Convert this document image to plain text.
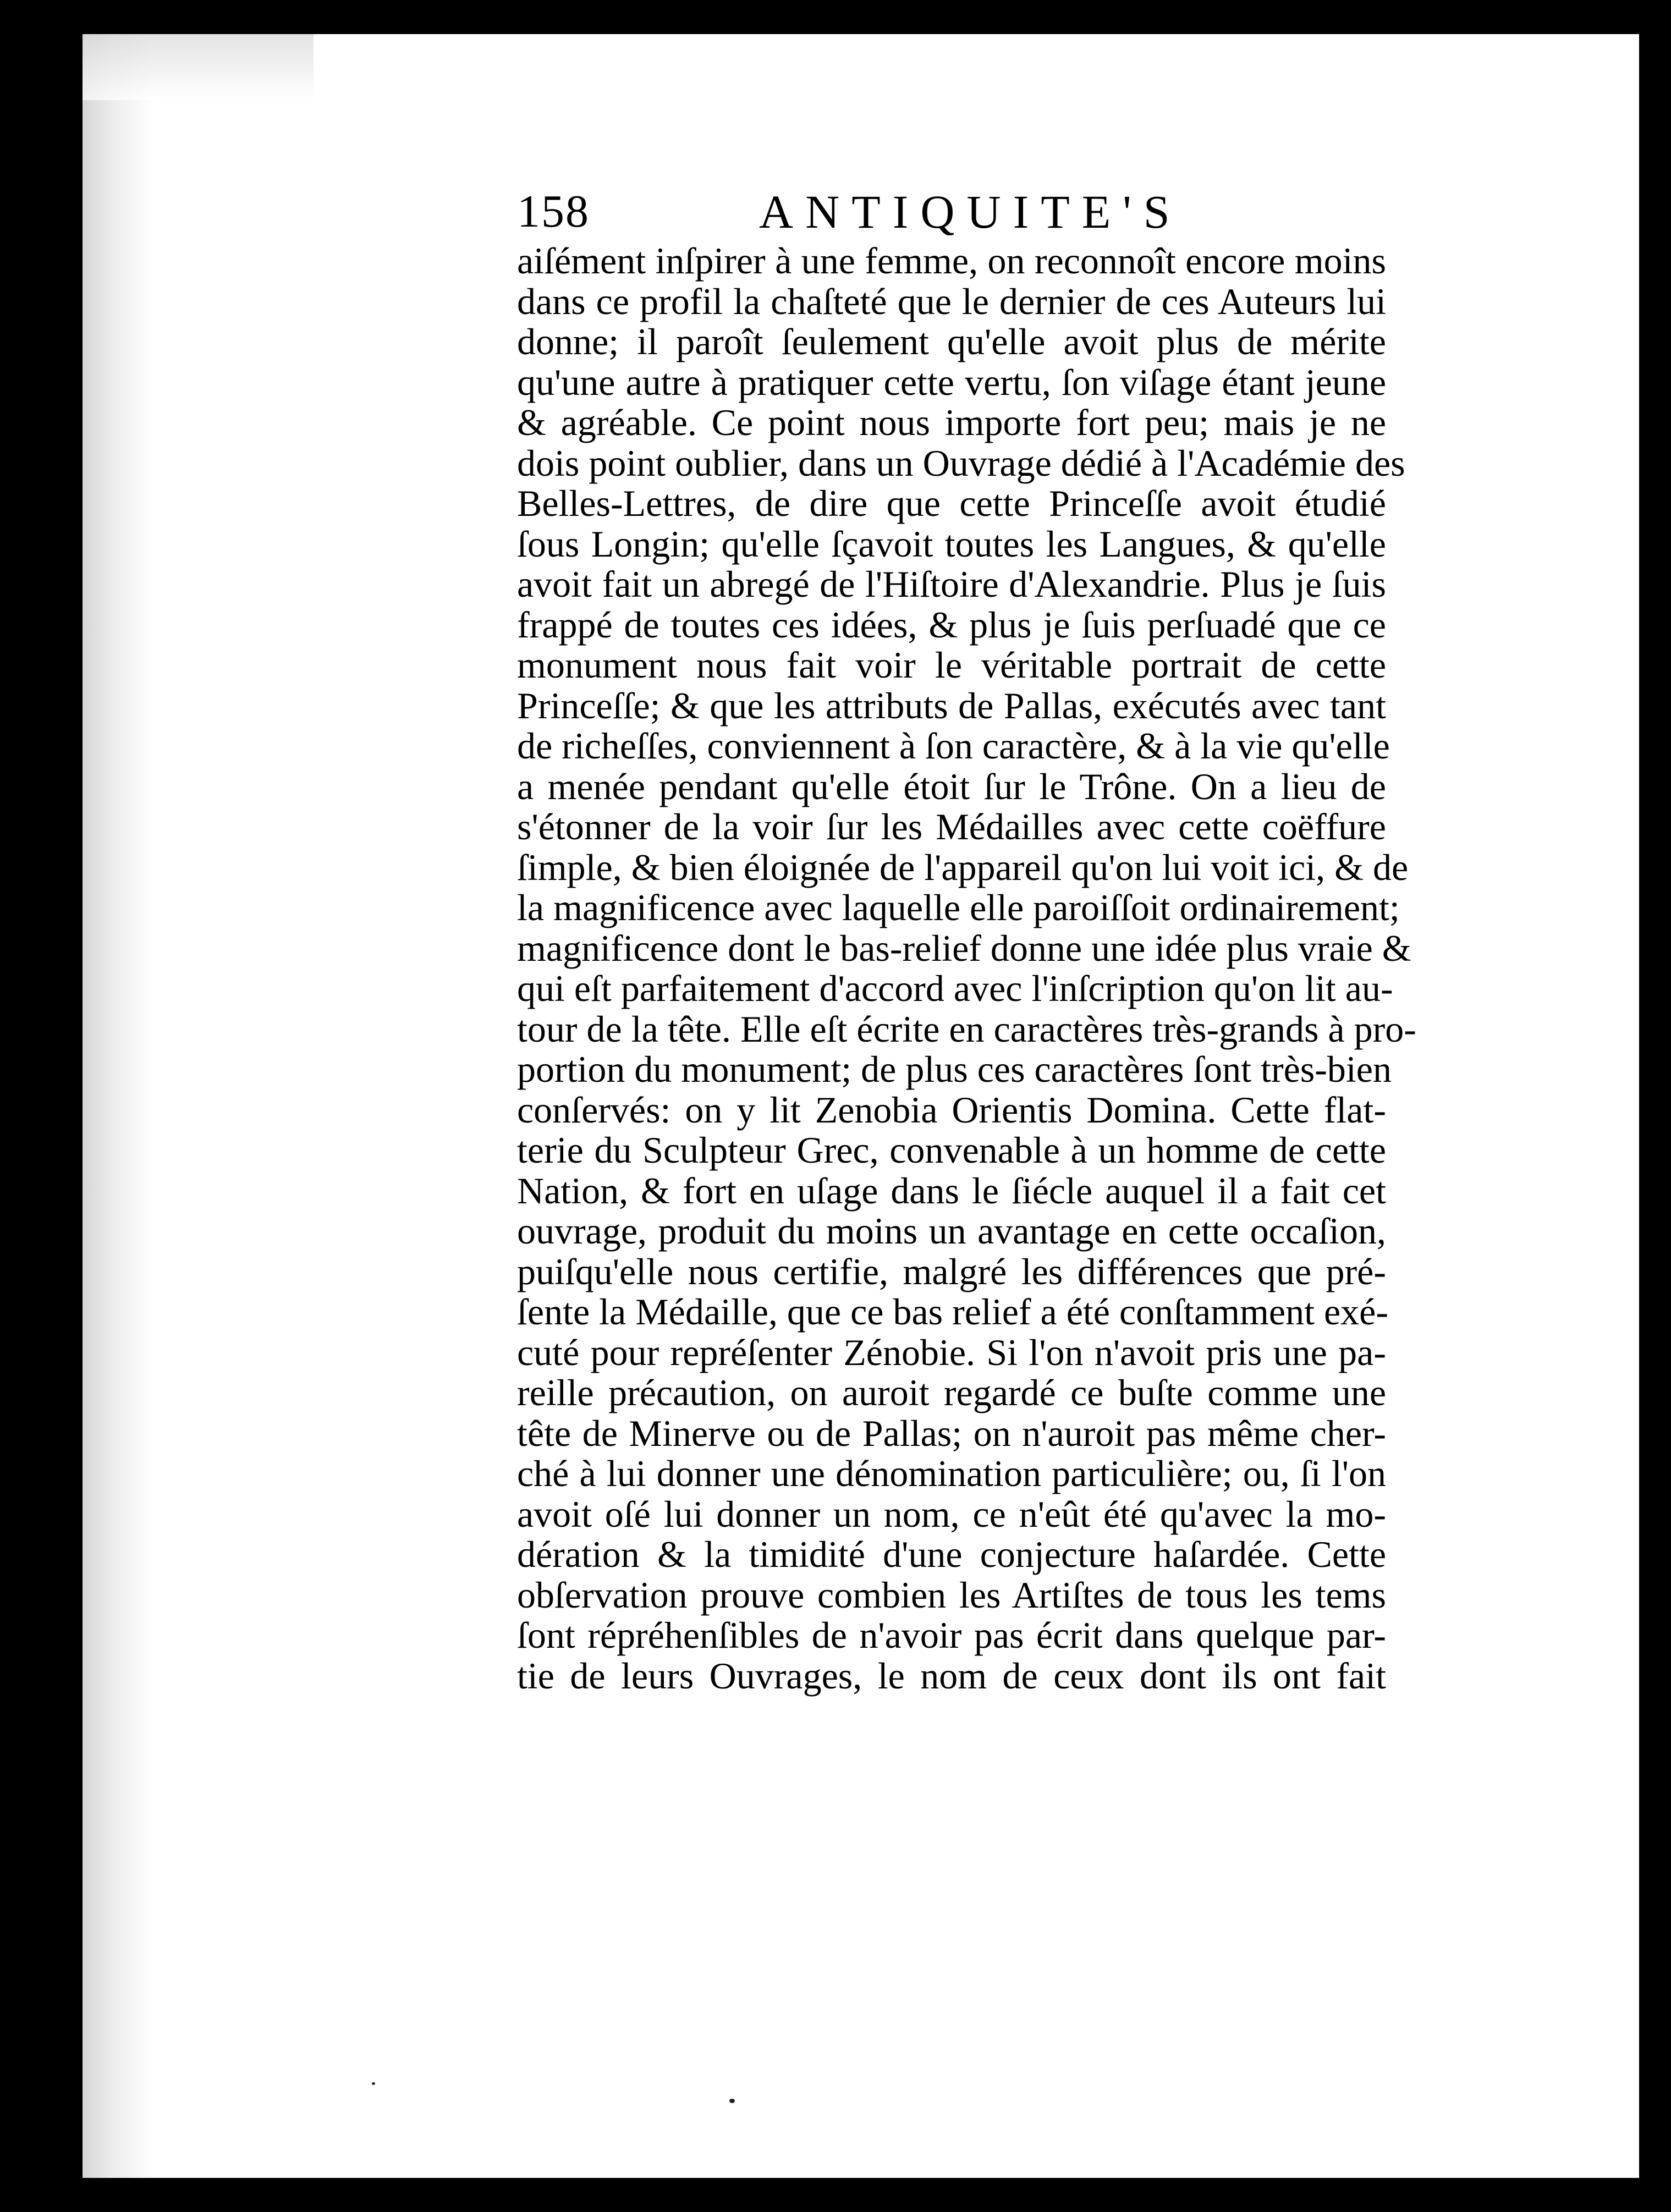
158	ANTIQUITE'S
aiſément inſpirer à une femme, on reconnoît encore moins
dans ce profil la chaſteté que le dernier de ces Auteurs lui
donne; il paroît ſeulement qu'elle avoit plus de mérite
qu'une autre à pratiquer cette vertu, ſon viſage étant jeune
& agréable. Ce point nous importe fort peu; mais je ne
dois point oublier, dans un Ouvrage dédié à l'Académie des
Belles-Lettres, de dire que cette Princeſſe avoit étudié
ſous Longin; qu'elle ſçavoit toutes les Langues, & qu'elle
avoit fait un abregé de l'Hiſtoire d'Alexandrie. Plus je ſuis
frappé de toutes ces idées, & plus je ſuis perſuadé que ce
monument nous fait voir le véritable portrait de cette
Princeſſe; & que les attributs de Pallas, exécutés avec tant
de richeſſes, conviennent à ſon caractère, & à la vie qu'elle
a menée pendant qu'elle étoit ſur le Trône. On a lieu de
s'étonner de la voir ſur les Médailles avec cette coëffure
ſimple, & bien éloignée de l'appareil qu'on lui voit ici, & de
la magnificence avec laquelle elle paroiſſoit ordinairement;
magnificence dont le bas-relief donne une idée plus vraie &
qui eſt parfaitement d'accord avec l'inſcription qu'on lit au-
tour de la tête. Elle eſt écrite en caractères très-grands à pro-
portion du monument; de plus ces caractères ſont très-bien
conſervés: on y lit Zenobia Orientis Domina. Cette flat-
terie du Sculpteur Grec, convenable à un homme de cette
Nation, & fort en uſage dans le ſiécle auquel il a fait cet
ouvrage, produit du moins un avantage en cette occaſion,
puiſqu'elle nous certifie, malgré les différences que pré-
ſente la Médaille, que ce bas relief a été conſtamment exé-
cuté pour repréſenter Zénobie. Si l'on n'avoit pris une pa-
reille précaution, on auroit regardé ce buſte comme une
tête de Minerve ou de Pallas; on n'auroit pas même cher-
ché à lui donner une dénomination particulière; ou, ſi l'on
avoit oſé lui donner un nom, ce n'eût été qu'avec la mo-
dération & la timidité d'une conjecture haſardée. Cette
obſervation prouve combien les Artiſtes de tous les tems
ſont répréhenſibles de n'avoir pas écrit dans quelque par-
tie de leurs Ouvrages, le nom de ceux dont ils ont fait
